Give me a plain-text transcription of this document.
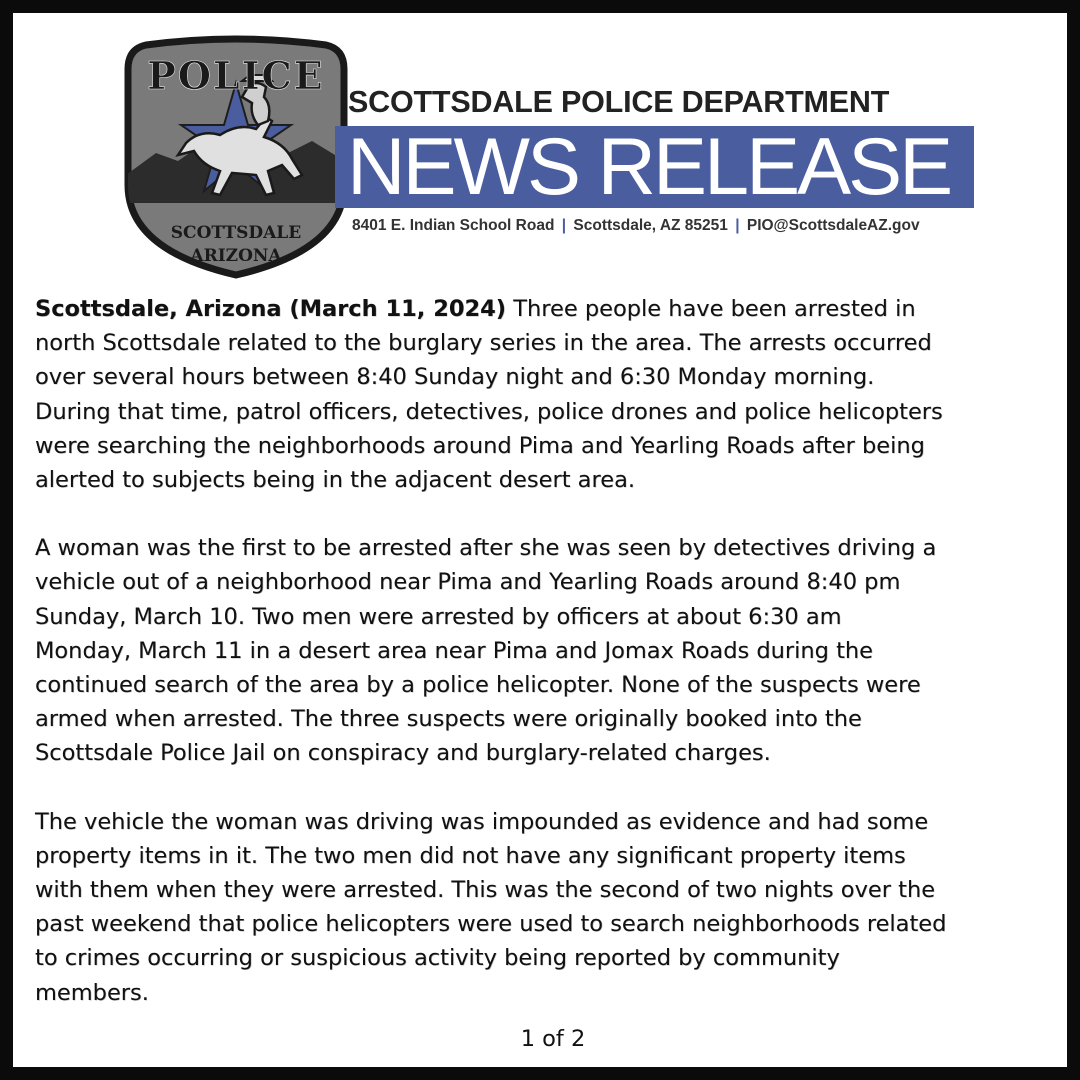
POLICE
SCOTTSDALE
ARIZONA
SCOTTSDALE POLICE DEPARTMENT
NEWS RELEASE
8401 E. Indian School Road | Scottsdale, AZ 85251 | PIO@ScottsdaleAZ.gov

Scottsdale, Arizona (March 11, 2024) Three people have been arrested in
north Scottsdale related to the burglary series in the area. The arrests occurred
over several hours between 8:40 Sunday night and 6:30 Monday morning.
During that time, patrol officers, detectives, police drones and police helicopters
were searching the neighborhoods around Pima and Yearling Roads after being
alerted to subjects being in the adjacent desert area.

A woman was the first to be arrested after she was seen by detectives driving a
vehicle out of a neighborhood near Pima and Yearling Roads around 8:40 pm
Sunday, March 10. Two men were arrested by officers at about 6:30 am
Monday, March 11 in a desert area near Pima and Jomax Roads during the
continued search of the area by a police helicopter. None of the suspects were
armed when arrested. The three suspects were originally booked into the
Scottsdale Police Jail on conspiracy and burglary-related charges.

The vehicle the woman was driving was impounded as evidence and had some
property items in it. The two men did not have any significant property items
with them when they were arrested. This was the second of two nights over the
past weekend that police helicopters were used to search neighborhoods related
to crimes occurring or suspicious activity being reported by community
members.

1 of 2
